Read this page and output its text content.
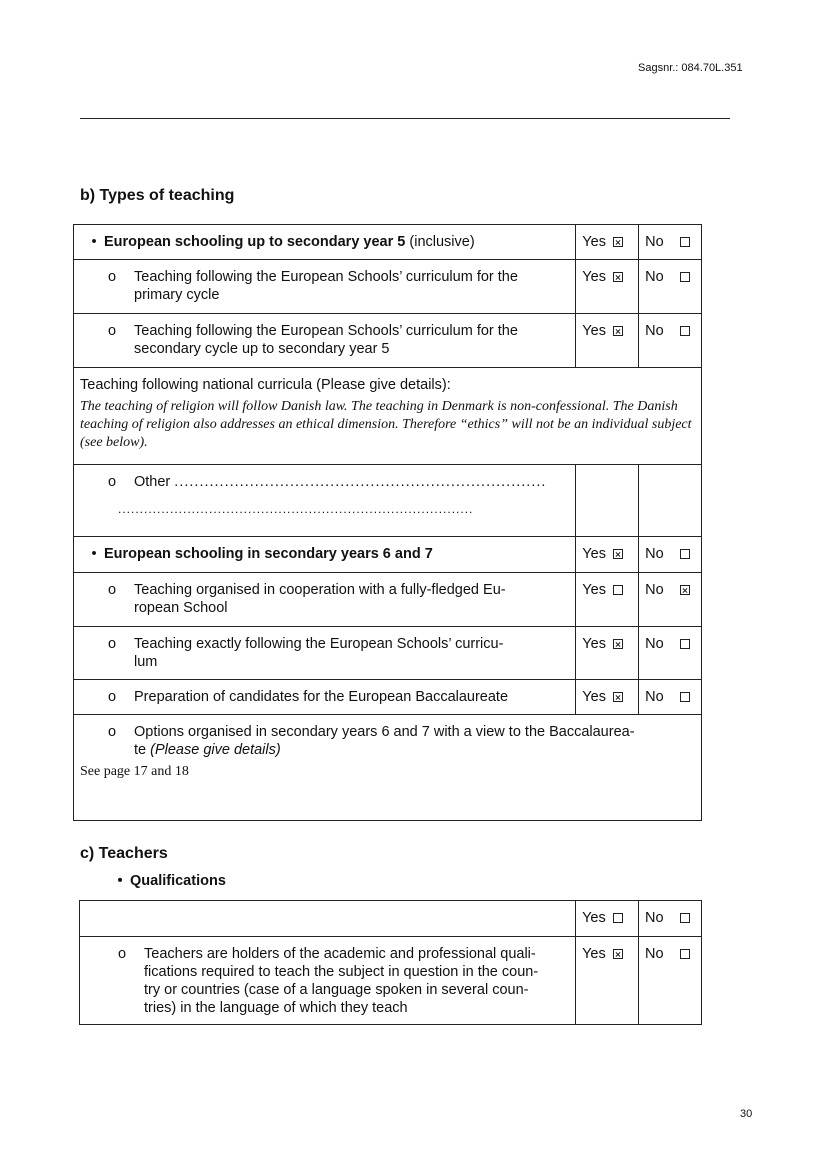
Sagsnr.: 084.70L.351
b) Types of teaching
• European schooling up to secondary year 5 (inclusive)	Yes	No

o Teaching following the European Schools’ curriculum for the
primary cycle	Yes	No

o Teaching following the European Schools’ curriculum for the
secondary cycle up to secondary year 5	Yes	No

Teaching following national curricula (Please give details):
The teaching of religion will follow Danish law. The teaching in Denmark is non-confessional. The Danish teaching of religion also addresses an ethical dimension. Therefore “ethics” will not be an individual subject (see below).		

o Other ..........................................................................
..................................................................................		

• European schooling in secondary years 6 and 7	Yes	No

o Teaching organised in cooperation with a fully-fledged Eu-
ropean School	Yes	No

o Teaching exactly following the European Schools’ curricu-
lum	Yes	No

o Preparation of candidates for the European Baccalaureate	Yes	No

o Options organised in secondary years 6 and 7 with a view to the Baccalaurea-
te (Please give details)
See page 17 and 18		
c) Teachers
• Qualifications
	Yes	No

o Teachers are holders of the academic and professional quali-
fications required to teach the subject in question in the coun-
try or countries (case of a language spoken in several coun-
tries) in the language of which they teach	Yes	No
30
